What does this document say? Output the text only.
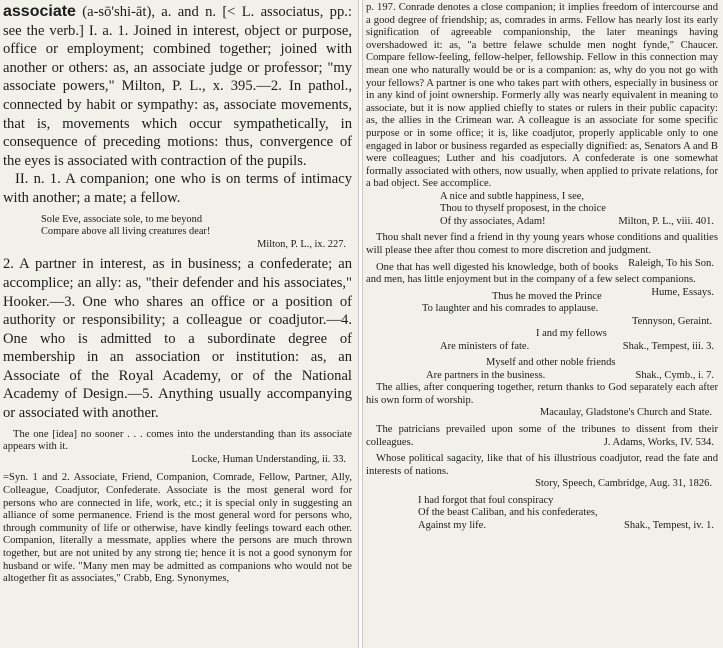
associate (a-sō'shi-āt), a. and n. [< L. associatus, pp.: see the verb.] I. a. 1. Joined in interest, object or purpose, office or employment; combined together; joined with another or others: as, an associate judge or professor; "my associate powers," Milton, P. L., x. 395.—2. In pathol., connected by habit or sympathy: as, associate movements, that is, movements which occur sympathetically, in consequence of preceding motions: thus, convergence of the eyes is associated with contraction of the pupils.

II. n. 1. A companion; one who is on terms of intimacy with another; a mate; a fellow.

Sole Eve, associate sole, to me beyond
Compare above all living creatures dear!
Milton, P. L., ix. 227.

2. A partner in interest, as in business; a confederate; an accomplice; an ally: as, "their defender and his associates," Hooker.—3. One who shares an office or a position of authority or responsibility; a colleague or coadjutor.—4. One who is admitted to a subordinate degree of membership in an association or institution: as, an Associate of the Royal Academy, or of the National Academy of Design.—5. Anything usually accompanying or associated with another.

The one [idea] no sooner . . . comes into the understanding than its associate appears with it.

Locke, Human Understanding, ii. 33.

=Syn. 1 and 2. Associate, Friend, Companion, Comrade, Fellow, Partner, Ally, Colleague, Coadjutor, Confederate. Associate is the most general word for persons who are connected in life, work, etc.; it is special only in suggesting an alliance of some permanence. Friend is the most general word for persons who, through community of life or otherwise, have kindly feelings toward each other. Companion, literally a messmate, applies where the persons are much thrown together, but are not united by any strong tie; hence it is not a good synonym for husband or wife. "Many men may be admitted as companions who would not be altogether fit as associates," Crabb, Eng. Synonymes,

p. 197. Conrade denotes a close companion; it implies freedom of intercourse and a good degree of friendship; as, comrades in arms. Fellow has nearly lost its early signification of agreeable companionship, the later meanings having overshadowed it: as, "a bettre felawe schulde men noght fynde," Chaucer. Compare fellow-feeling, fellow-helper, fellowship. Fellow in this connection may mean one who naturally would be or is a companion: as, why do you not go with your fellows? A partner is one who takes part with others, especially in business or in any kind of joint ownership. Formerly ally was nearly equivalent in meaning to associate, but it is now applied chiefly to states or rulers in their public capacity: as, the allies in the Crimean war. A colleague is an associate for some specific purpose or in some office; it is, like coadjutor, properly applicable only to one engaged in labor or business regarded as especially dignified: as, Senators A and B were colleagues; Luther and his coadjutors. A confederate is one somewhat formally associated with others, now usually, when applied to private relations, for a bad object. See accomplice.

A nice and subtle happiness, I see,
Thou to thyself proposest, in the choice
Of thy associates, Adam!	Milton, P. L., viii. 401.

Thou shalt never find a friend in thy young years whose conditions and qualities will please thee after thou comest to more discretion and judgment.
Raleigh, To his Son.

One that has well digested his knowledge, both of books and men, has little enjoyment but in the company of a few select companions.
Hume, Essays.

Thus he moved the Prince
To laughter and his comrades to applause.
Tennyson, Geraint.
I and my fellows
Are ministers of fate.	Shak., Tempest, iii. 3.
Myself and other noble friends
Are partners in the business.	Shak., Cymb., i. 7.

The allies, after conquering together, return thanks to God separately each after his own form of worship.

Macaulay, Gladstone's Church and State.

The patricians prevailed upon some of the tribunes to dissent from their colleagues.	J. Adams, Works, IV. 534.

Whose political sagacity, like that of his illustrious coadjutor, read the fate and interests of nations.

Story, Speech, Cambridge, Aug. 31, 1826.
I had forgot that foul conspiracy
Of the beast Caliban, and his confederates,
Against my life.	Shak., Tempest, iv. 1.
